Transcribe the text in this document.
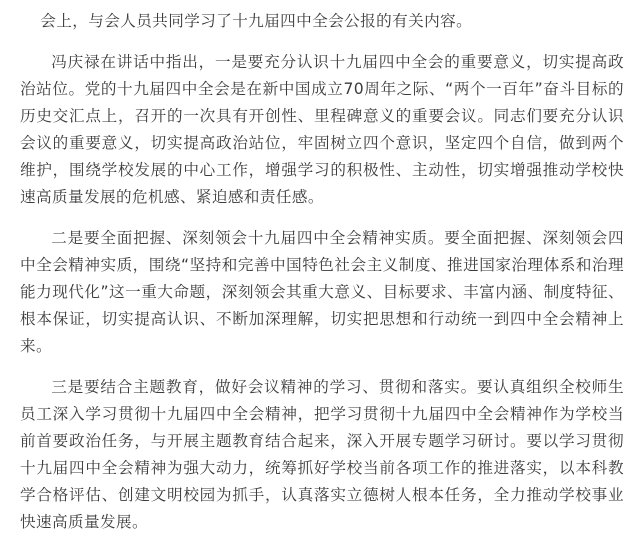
会上，与会人员共同学习了十九届四中全会公报的有关内容。

冯庆禄在讲话中指出，一是要充分认识十九届四中全会的重要意义，切实提高政治站位。党的十九届四中全会是在新中国成立70周年之际、“两个一百年”奋斗目标的历史交汇点上，召开的一次具有开创性、里程碑意义的重要会议。同志们要充分认识会议的重要意义，切实提高政治站位，牢固树立四个意识，坚定四个自信，做到两个维护，围绕学校发展的中心工作，增强学习的积极性、主动性，切实增强推动学校快速高质量发展的危机感、紧迫感和责任感。

二是要全面把握、深刻领会十九届四中全会精神实质。要全面把握、深刻领会四中全会精神实质，围绕“坚持和完善中国特色社会主义制度、推进国家治理体系和治理能力现代化”这一重大命题，深刻领会其重大意义、目标要求、丰富内涵、制度特征、根本保证，切实提高认识、不断加深理解，切实把思想和行动统一到四中全会精神上来。

三是要结合主题教育，做好会议精神的学习、贯彻和落实。要认真组织全校师生员工深入学习贯彻十九届四中全会精神，把学习贯彻十九届四中全会精神作为学校当前首要政治任务，与开展主题教育结合起来，深入开展专题学习研讨。要以学习贯彻十九届四中全会精神为强大动力，统筹抓好学校当前各项工作的推进落实，以本科教学合格评估、创建文明校园为抓手，认真落实立德树人根本任务，全力推动学校事业快速高质量发展。
